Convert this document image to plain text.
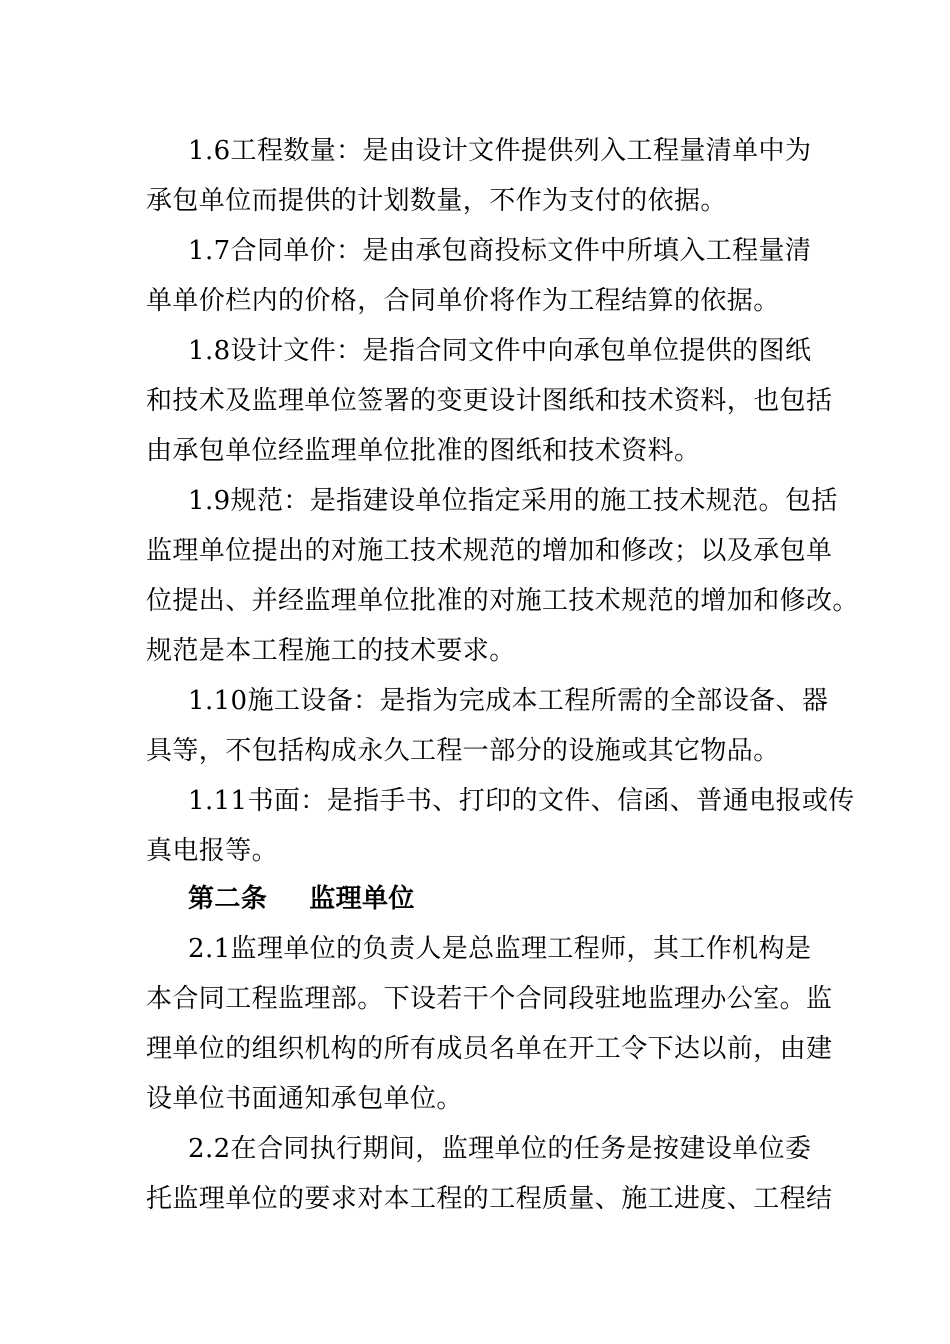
1.6工程数量：是由设计文件提供列入工程量清单中为
承包单位而提供的计划数量，不作为支付的依据。
1.7合同单价：是由承包商投标文件中所填入工程量清
单单价栏内的价格，合同单价将作为工程结算的依据。
1.8设计文件：是指合同文件中向承包单位提供的图纸
和技术及监理单位签署的变更设计图纸和技术资料，也包括
由承包单位经监理单位批准的图纸和技术资料。
1.9规范：是指建设单位指定采用的施工技术规范。包括
监理单位提出的对施工技术规范的增加和修改；以及承包单
位提出、并经监理单位批准的对施工技术规范的增加和修改。
规范是本工程施工的技术要求。
1.10施工设备：是指为完成本工程所需的全部设备、器
具等，不包括构成永久工程一部分的设施或其它物品。
1.11书面：是指手书、打印的文件、信函、普通电报或传
真电报等。
第二条 监理单位
2.1监理单位的负责人是总监理工程师，其工作机构是
本合同工程监理部。下设若干个合同段驻地监理办公室。监
理单位的组织机构的所有成员名单在开工令下达以前，由建
设单位书面通知承包单位。
2.2在合同执行期间，监理单位的任务是按建设单位委
托监理单位的要求对本工程的工程质量、施工进度、工程结
